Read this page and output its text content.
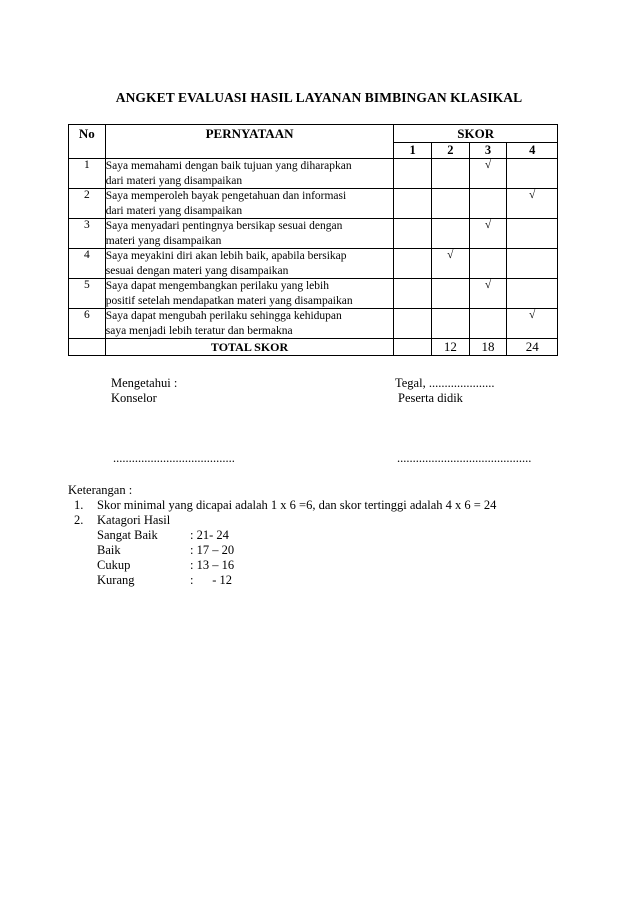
ANGKET EVALUASI HASIL LAYANAN BIMBINGAN KLASIKAL
No	PERNYATAAN	SKOR			
		1	2	3	4
1	Saya memahami dengan baik tujuan yang diharapkan
dari materi yang disampaikan			√	
2	Saya memperoleh bayak pengetahuan dan informasi
dari materi yang disampaikan				√
3	Saya menyadari pentingnya bersikap sesuai dengan
materi yang disampaikan			√	
4	Saya meyakini diri akan lebih baik, apabila bersikap
sesuai dengan materi yang disampaikan		√		
5	Saya dapat mengembangkan perilaku yang lebih
positif setelah mendapatkan materi yang disampaikan			√	
6	Saya dapat mengubah perilaku sehingga kehidupan
saya menjadi lebih teratur dan bermakna				√
	TOTAL SKOR		12	18	24
Mengetahui :
Konselor
Tegal, .....................
Peserta didik
.......................................	...........................................
Keterangan :
1. Skor minimal yang dicapai adalah 1 x 6 =6, dan skor tertinggi adalah 4 x 6 = 24
2. Katagori Hasil
Sangat Baik	: 21- 24
Baik	: 17 – 20
Cukup	: 13 – 16
Kurang	:      - 12
